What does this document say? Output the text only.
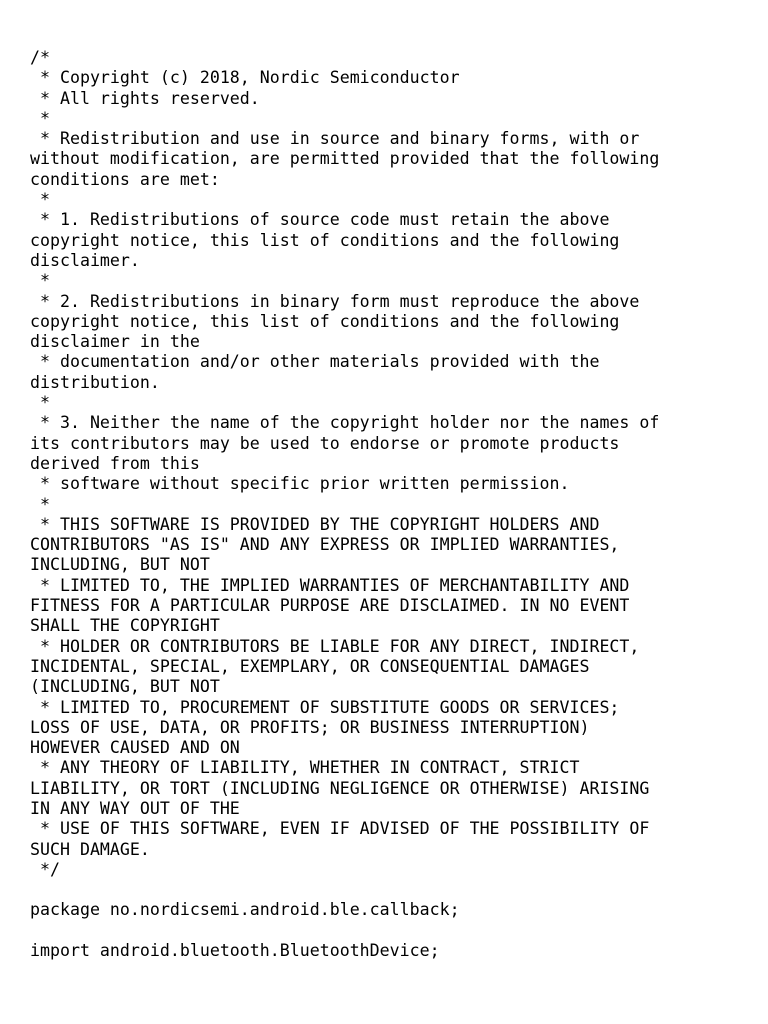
/*
* Copyright (c) 2018, Nordic Semiconductor
* All rights reserved.
*
* Redistribution and use in source and binary forms, with or
without modification, are permitted provided that the following
conditions are met:
*
* 1. Redistributions of source code must retain the above
copyright notice, this list of conditions and the following
disclaimer.
*
* 2. Redistributions in binary form must reproduce the above
copyright notice, this list of conditions and the following
disclaimer in the
* documentation and/or other materials provided with the
distribution.
*
* 3. Neither the name of the copyright holder nor the names of
its contributors may be used to endorse or promote products
derived from this
* software without specific prior written permission.
*
* THIS SOFTWARE IS PROVIDED BY THE COPYRIGHT HOLDERS AND
CONTRIBUTORS "AS IS" AND ANY EXPRESS OR IMPLIED WARRANTIES,
INCLUDING, BUT NOT
* LIMITED TO, THE IMPLIED WARRANTIES OF MERCHANTABILITY AND
FITNESS FOR A PARTICULAR PURPOSE ARE DISCLAIMED. IN NO EVENT
SHALL THE COPYRIGHT
* HOLDER OR CONTRIBUTORS BE LIABLE FOR ANY DIRECT, INDIRECT,
INCIDENTAL, SPECIAL, EXEMPLARY, OR CONSEQUENTIAL DAMAGES
(INCLUDING, BUT NOT
* LIMITED TO, PROCUREMENT OF SUBSTITUTE GOODS OR SERVICES;
LOSS OF USE, DATA, OR PROFITS; OR BUSINESS INTERRUPTION)
HOWEVER CAUSED AND ON
* ANY THEORY OF LIABILITY, WHETHER IN CONTRACT, STRICT
LIABILITY, OR TORT (INCLUDING NEGLIGENCE OR OTHERWISE) ARISING
IN ANY WAY OUT OF THE
* USE OF THIS SOFTWARE, EVEN IF ADVISED OF THE POSSIBILITY OF
SUCH DAMAGE.
*/
package no.nordicsemi.android.ble.callback;
import android.bluetooth.BluetoothDevice;
